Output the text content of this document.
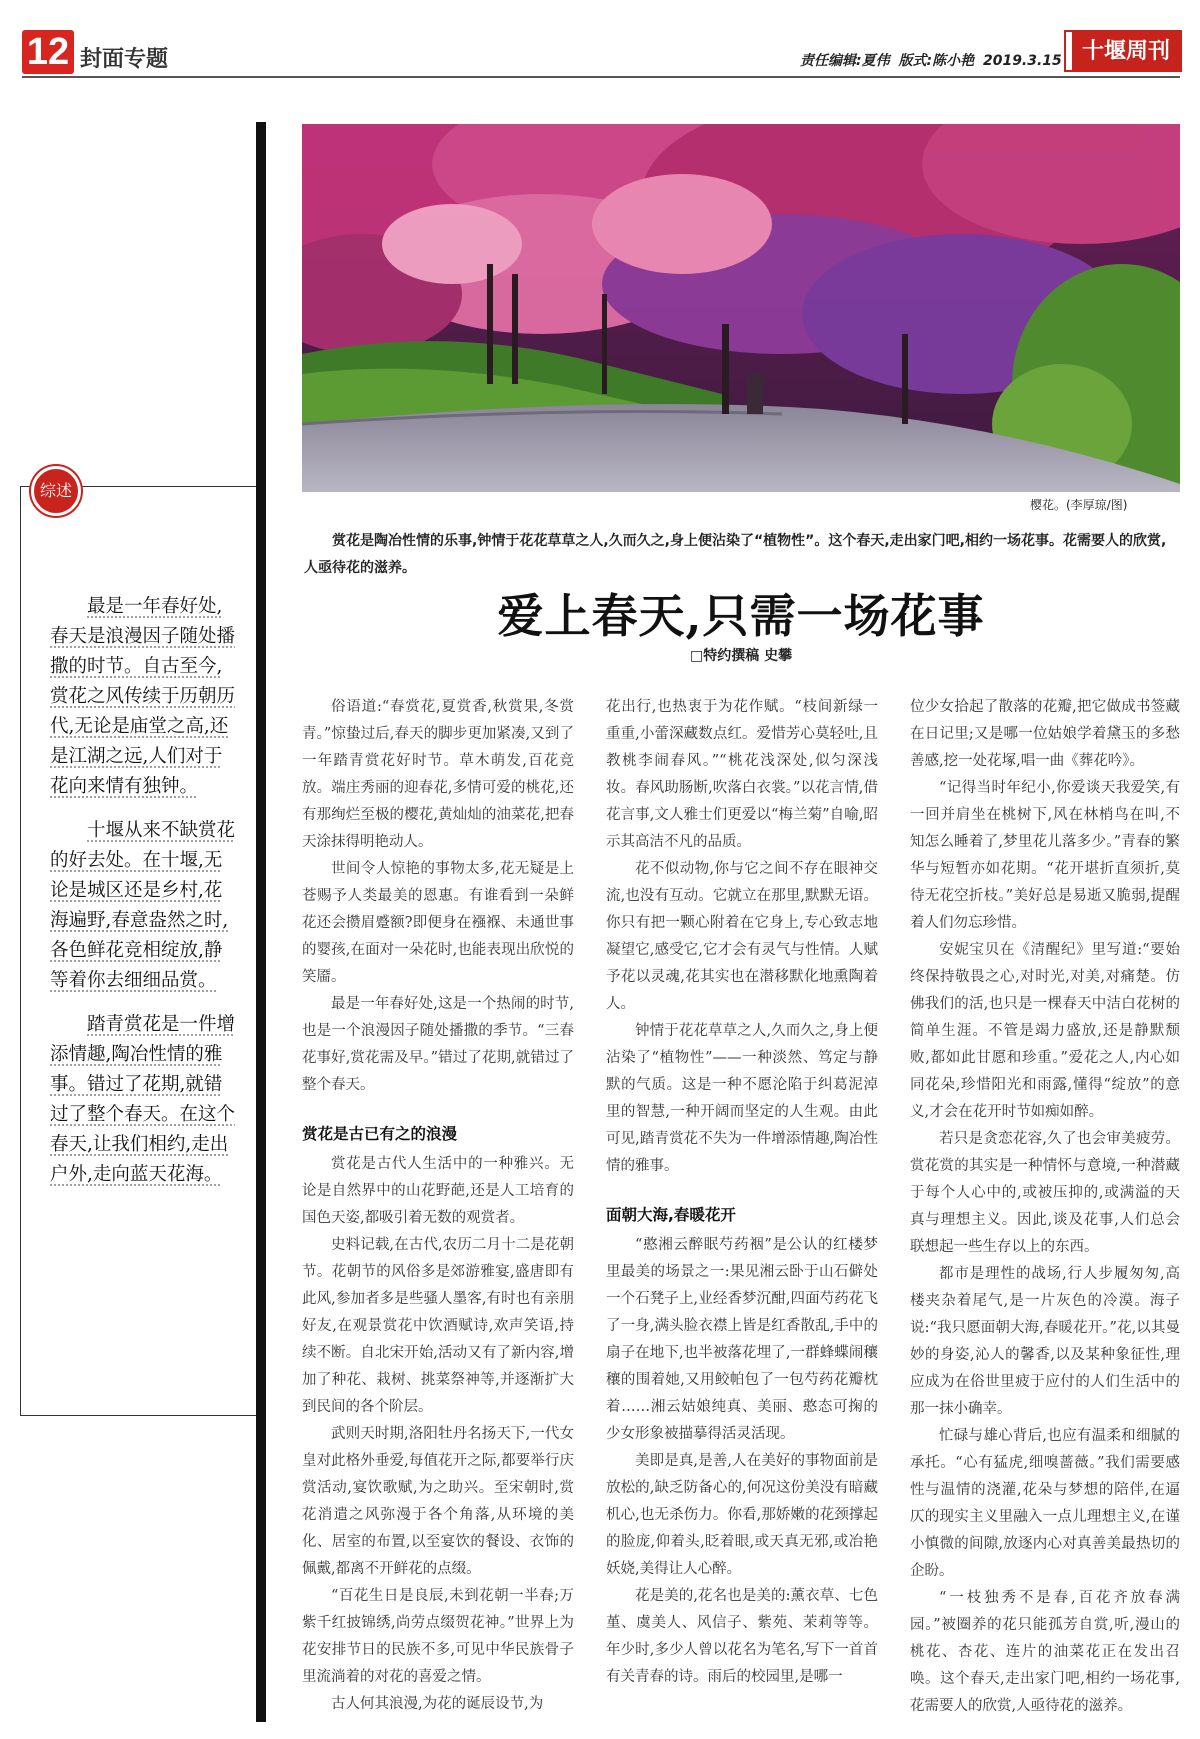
12 封面专题	责任编辑:夏伟 版式:陈小艳 2019.3.15 十堰周刊
综述

最是一年春好处,春天是浪漫因子随处播撒的时节。自古至今,赏花之风传续于历朝历代,无论是庙堂之高,还是江湖之远,人们对于花向来情有独钟。

十堰从来不缺赏花的好去处。在十堰,无论是城区还是乡村,花海遍野,春意盎然之时,各色鲜花竞相绽放,静等着你去细细品赏。

踏青赏花是一件增添情趣,陶冶性情的雅事。错过了花期,就错过了整个春天。在这个春天,让我们相约,走出户外,走向蓝天花海。

樱花。(李厚琼/图)

赏花是陶冶性情的乐事,钟情于花花草草之人,久而久之,身上便沾染了“植物性”。这个春天,走出家门吧,相约一场花事。花需要人的欣赏,人亟待花的滋养。

爱上春天,只需一场花事
□特约撰稿 史攀

俗语道:“春赏花,夏赏香,秋赏果,冬赏青。”惊蛰过后,春天的脚步更加紧凑,又到了一年踏青赏花好时节。草木萌发,百花竞放。端庄秀丽的迎春花,多情可爱的桃花,还有那绚烂至极的樱花,黄灿灿的油菜花,把春天涂抹得明艳动人。

世间令人惊艳的事物太多,花无疑是上苍赐予人类最美的恩惠。有谁看到一朵鲜花还会攒眉蹙额?即便身在襁褓、未通世事的婴孩,在面对一朵花时,也能表现出欣悦的笑靥。

最是一年春好处,这是一个热闹的时节,也是一个浪漫因子随处播撒的季节。“三春花事好,赏花需及早。”错过了花期,就错过了整个春天。

赏花是古已有之的浪漫

赏花是古代人生活中的一种雅兴。无论是自然界中的山花野葩,还是人工培育的国色天姿,都吸引着无数的观赏者。

史料记载,在古代,农历二月十二是花朝节。花朝节的风俗多是郊游雅宴,盛唐即有此风,参加者多是些骚人墨客,有时也有亲朋好友,在观景赏花中饮酒赋诗,欢声笑语,持续不断。自北宋开始,活动又有了新内容,增加了种花、栽树、挑菜祭神等,并逐渐扩大到民间的各个阶层。

武则天时期,洛阳牡丹名扬天下,一代女皇对此格外垂爱,每值花开之际,都要举行庆赏活动,宴饮歌赋,为之助兴。至宋朝时,赏花消遣之风弥漫于各个角落,从环境的美化、居室的布置,以至宴饮的餐设、衣饰的佩戴,都离不开鲜花的点缀。

“百花生日是良辰,未到花朝一半春;万紫千红披锦绣,尚劳点缀贺花神。”世界上为花安排节日的民族不多,可见中华民族骨子里流淌着的对花的喜爱之情。

古人何其浪漫,为花的诞辰设节,为

花出行,也热衷于为花作赋。“枝间新绿一重重,小蕾深藏数点红。爱惜芳心莫轻吐,且教桃李闹春风。”“桃花浅深处,似匀深浅妆。春风助肠断,吹落白衣裳。”以花言情,借花言事,文人雅士们更爱以“梅兰菊”自喻,昭示其高洁不凡的品质。

花不似动物,你与它之间不存在眼神交流,也没有互动。它就立在那里,默默无语。你只有把一颗心附着在它身上,专心致志地凝望它,感受它,它才会有灵气与性情。人赋予花以灵魂,花其实也在潜移默化地熏陶着人。

钟情于花花草草之人,久而久之,身上便沾染了“植物性”——一种淡然、笃定与静默的气质。这是一种不愿沦陷于纠葛泥淖里的智慧,一种开阔而坚定的人生观。由此可见,踏青赏花不失为一件增添情趣,陶冶性情的雅事。

面朝大海,春暖花开

“憨湘云醉眠芍药裀”是公认的红楼梦里最美的场景之一:果见湘云卧于山石僻处一个石凳子上,业经香梦沉酣,四面芍药花飞了一身,满头脸衣襟上皆是红香散乱,手中的扇子在地下,也半被落花埋了,一群蜂蝶闹穰穰的围着她,又用鲛帕包了一包芍药花瓣枕着……湘云姑娘纯真、美丽、憨态可掬的少女形象被描摹得活灵活现。

美即是真,是善,人在美好的事物面前是放松的,缺乏防备心的,何况这份美没有暗藏机心,也无杀伤力。你看,那娇嫩的花颈撑起的脸庞,仰着头,眨着眼,或天真无邪,或冶艳妖娆,美得让人心醉。

花是美的,花名也是美的:薰衣草、七色堇、虞美人、风信子、紫苑、茉莉等等。年少时,多少人曾以花名为笔名,写下一首首有关青春的诗。雨后的校园里,是哪一

位少女拾起了散落的花瓣,把它做成书签藏在日记里;又是哪一位姑娘学着黛玉的多愁善感,挖一处花塚,唱一曲《葬花吟》。

“记得当时年纪小,你爱谈天我爱笑,有一回并肩坐在桃树下,风在林梢鸟在叫,不知怎么睡着了,梦里花儿落多少。”青春的繁华与短暂亦如花期。“花开堪折直须折,莫待无花空折枝。”美好总是易逝又脆弱,提醒着人们勿忘珍惜。

安妮宝贝在《清醒纪》里写道:“要始终保持敬畏之心,对时光,对美,对痛楚。仿佛我们的活,也只是一棵春天中洁白花树的简单生涯。不管是竭力盛放,还是静默颓败,都如此甘愿和珍重。”爱花之人,内心如同花朵,珍惜阳光和雨露,懂得“绽放”的意义,才会在花开时节如痴如醉。

若只是贪恋花容,久了也会审美疲劳。赏花赏的其实是一种情怀与意境,一种潜藏于每个人心中的,或被压抑的,或满溢的天真与理想主义。因此,谈及花事,人们总会联想起一些生存以上的东西。

都市是理性的战场,行人步履匆匆,高楼夹杂着尾气,是一片灰色的冷漠。海子说:“我只愿面朝大海,春暖花开。”花,以其曼妙的身姿,沁人的馨香,以及某种象征性,理应成为在俗世里疲于应付的人们生活中的那一抹小确幸。

忙碌与雄心背后,也应有温柔和细腻的承托。“心有猛虎,细嗅蔷薇。”我们需要感性与温情的浇灌,花朵与梦想的陪伴,在逼仄的现实主义里融入一点儿理想主义,在谨小慎微的间隙,放逐内心对真善美最热切的企盼。

“一枝独秀不是春,百花齐放春满园。”被圈养的花只能孤芳自赏,听,漫山的桃花、杏花、连片的油菜花正在发出召唤。这个春天,走出家门吧,相约一场花事,花需要人的欣赏,人亟待花的滋养。
